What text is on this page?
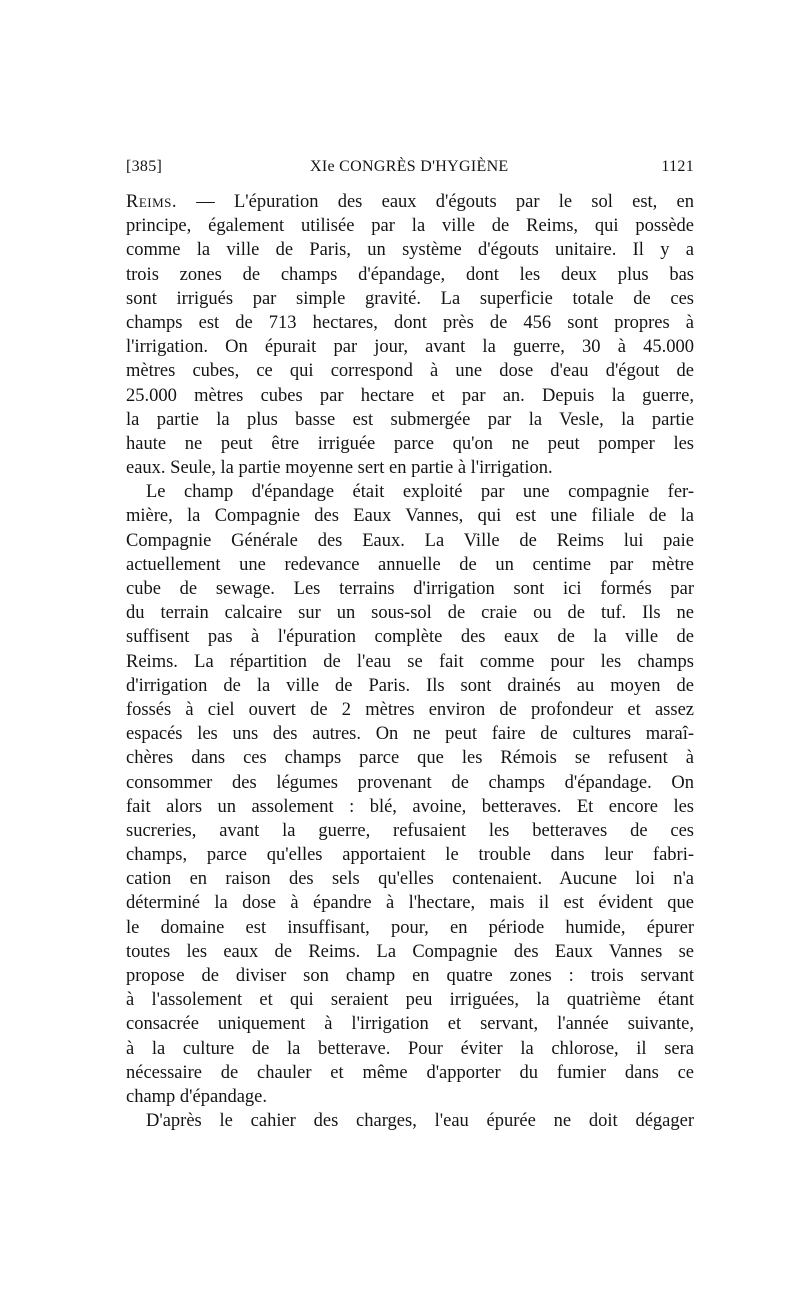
[385]	XIe CONGRÈS D'HYGIÈNE	1121
Reims. — L'épuration des eaux d'égouts par le sol est, en
principe, également utilisée par la ville de Reims, qui possède
comme la ville de Paris, un système d'égouts unitaire. Il y a
trois zones de champs d'épandage, dont les deux plus bas
sont irrigués par simple gravité. La superficie totale de ces
champs est de 713 hectares, dont près de 456 sont propres à
l'irrigation. On épurait par jour, avant la guerre, 30 à 45.000
mètres cubes, ce qui correspond à une dose d'eau d'égout de
25.000 mètres cubes par hectare et par an. Depuis la guerre,
la partie la plus basse est submergée par la Vesle, la partie
haute ne peut être irriguée parce qu'on ne peut pomper les
eaux. Seule, la partie moyenne sert en partie à l'irrigation.
Le champ d'épandage était exploité par une compagnie fer-
mière, la Compagnie des Eaux Vannes, qui est une filiale de la
Compagnie Générale des Eaux. La Ville de Reims lui paie
actuellement une redevance annuelle de un centime par mètre
cube de sewage. Les terrains d'irrigation sont ici formés par
du terrain calcaire sur un sous-sol de craie ou de tuf. Ils ne
suffisent pas à l'épuration complète des eaux de la ville de
Reims. La répartition de l'eau se fait comme pour les champs
d'irrigation de la ville de Paris. Ils sont drainés au moyen de
fossés à ciel ouvert de 2 mètres environ de profondeur et assez
espacés les uns des autres. On ne peut faire de cultures maraî-
chères dans ces champs parce que les Rémois se refusent à
consommer des légumes provenant de champs d'épandage. On
fait alors un assolement : blé, avoine, betteraves. Et encore les
sucreries, avant la guerre, refusaient les betteraves de ces
champs, parce qu'elles apportaient le trouble dans leur fabri-
cation en raison des sels qu'elles contenaient. Aucune loi n'a
déterminé la dose à épandre à l'hectare, mais il est évident que
le domaine est insuffisant, pour, en période humide, épurer
toutes les eaux de Reims. La Compagnie des Eaux Vannes se
propose de diviser son champ en quatre zones : trois servant
à l'assolement et qui seraient peu irriguées, la quatrième étant
consacrée uniquement à l'irrigation et servant, l'année suivante,
à la culture de la betterave. Pour éviter la chlorose, il sera
nécessaire de chauler et même d'apporter du fumier dans ce
champ d'épandage.
D'après le cahier des charges, l'eau épurée ne doit dégager
